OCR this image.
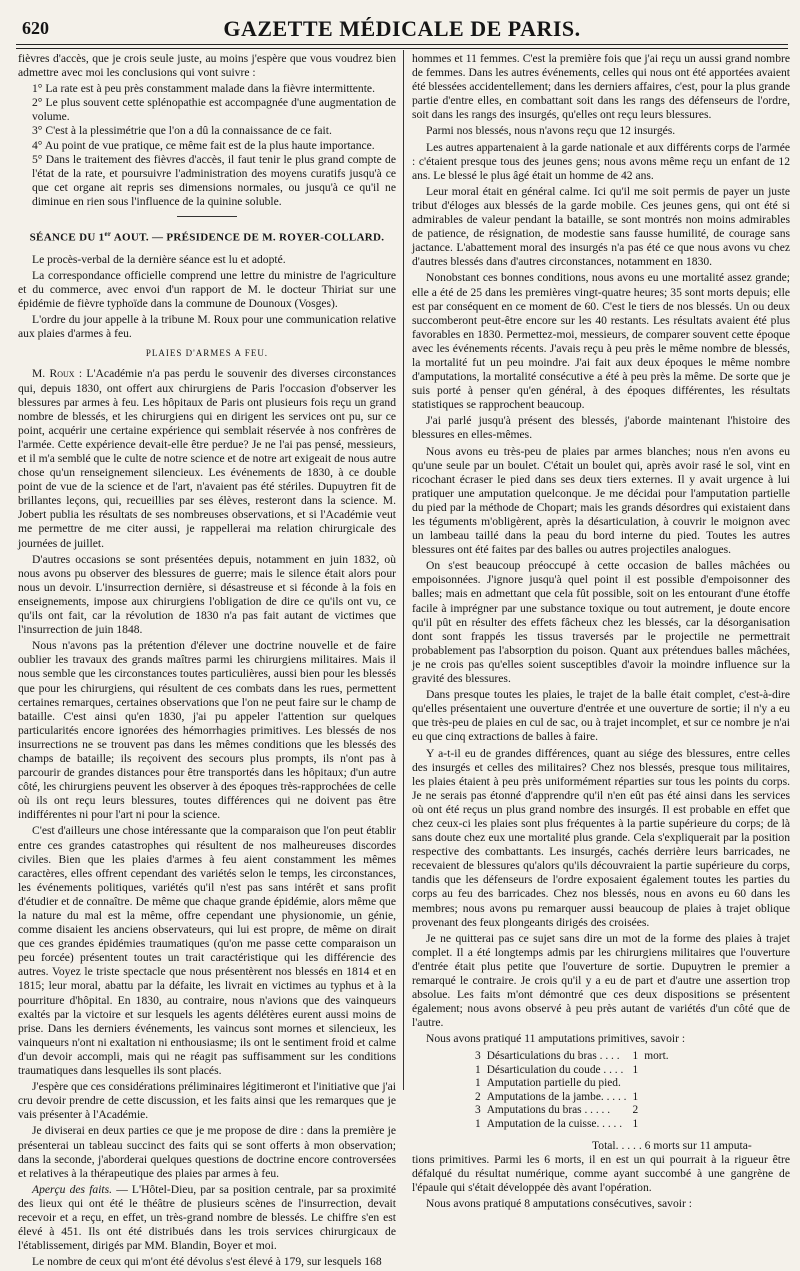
620	GAZETTE MÉDICALE DE PARIS.

fièvres d'accès, que je crois seule juste, au moins j'espère que vous voudrez bien admettre avec moi les conclusions qui vont suivre :

1° La rate est à peu près constamment malade dans la fièvre intermittente.

2° Le plus souvent cette splénopathie est accompagnée d'une augmentation de volume.

3° C'est à la plessimétrie que l'on a dû la connaissance de ce fait.

4° Au point de vue pratique, ce même fait est de la plus haute importance.

5° Dans le traitement des fièvres d'accès, il faut tenir le plus grand compte de l'état de la rate, et poursuivre l'administration des moyens curatifs jusqu'à ce que cet organe ait repris ses dimensions normales, ou jusqu'à ce qu'il ne diminue en rien sous l'influence de la quinine soluble.

SÉANCE DU 1er AOUT. — PRÉSIDENCE DE M. ROYER-COLLARD.

Le procès-verbal de la dernière séance est lu et adopté.

La correspondance officielle comprend une lettre du ministre de l'agriculture et du commerce, avec envoi d'un rapport de M. le docteur Thiriat sur une épidémie de fièvre typhoïde dans la commune de Dounoux (Vosges).

L'ordre du jour appelle à la tribune M. Roux pour une communication relative aux plaies d'armes à feu.

PLAIES D'ARMES A FEU.

M. Roux : L'Académie n'a pas perdu le souvenir des diverses circonstances qui, depuis 1830, ont offert aux chirurgiens de Paris l'occasion d'observer les blessures par armes à feu. Les hôpitaux de Paris ont plusieurs fois reçu un grand nombre de blessés, et les chirurgiens qui en dirigent les services ont pu, sur ce point, acquérir une certaine expérience qui semblait réservée à nos confrères de l'armée. Cette expérience devait-elle être perdue? Je ne l'ai pas pensé, messieurs, et il m'a semblé que le culte de notre science et de notre art exigeait de nous autre chose qu'un renseignement silencieux. Les événements de 1830, à ce double point de vue de la science et de l'art, n'avaient pas été stériles. Dupuytren fit de brillantes leçons, qui, recueillies par ses élèves, resteront dans la science. M. Jobert publia les résultats de ses nombreuses observations, et si l'Académie veut me permettre de me citer aussi, je rappellerai ma relation chirurgicale des journées de juillet.

D'autres occasions se sont présentées depuis, notamment en juin 1832, où nous avons pu observer des blessures de guerre; mais le silence était alors pour nous un devoir. L'insurrection dernière, si désastreuse et si féconde à la fois en enseignements, impose aux chirurgiens l'obligation de dire ce qu'ils ont vu, ce qu'ils ont fait, car la révolution de 1830 n'a pas fait autant de victimes que l'insurrection de juin 1848.

Nous n'avons pas la prétention d'élever une doctrine nouvelle et de faire oublier les travaux des grands maîtres parmi les chirurgiens militaires. Mais il nous semble que les circonstances toutes particulières, aussi bien pour les blessés que pour les chirurgiens, qui résultent de ces combats dans les rues, permettent certaines remarques, certaines observations que l'on ne peut faire sur le champ de bataille. C'est ainsi qu'en 1830, j'ai pu appeler l'attention sur quelques particularités encore ignorées des hémorrhagies primitives. Les blessés de nos insurrections ne se trouvent pas dans les mêmes conditions que les blessés des champs de bataille; ils reçoivent des secours plus prompts, ils n'ont pas à parcourir de grandes distances pour être transportés dans les hôpitaux; d'un autre côté, les chirurgiens peuvent les observer à des époques très-rapprochées de celle où ils ont reçu leurs blessures, toutes différences qui ne doivent pas être indifférentes ni pour l'art ni pour la science.

C'est d'ailleurs une chose intéressante que la comparaison que l'on peut établir entre ces grandes catastrophes qui résultent de nos malheureuses discordes civiles. Bien que les plaies d'armes à feu aient constamment les mêmes caractères, elles offrent cependant des variétés selon le temps, les circonstances, les événements politiques, variétés qu'il n'est pas sans intérêt et sans profit d'étudier et de connaître. De même que chaque grande épidémie, alors même que la nature du mal est la même, offre cependant une physionomie, un génie, comme disaient les anciens observateurs, qui lui est propre, de même on dirait que ces grandes épidémies traumatiques (qu'on me passe cette comparaison un peu forcée) présentent toutes un trait caractéristique qui les différencie des autres. Voyez le triste spectacle que nous présentèrent nos blessés en 1814 et en 1815; leur moral, abattu par la défaite, les livrait en victimes au typhus et à la pourriture d'hôpital. En 1830, au contraire, nous n'avions que des vainqueurs exaltés par la victoire et sur lesquels les agents délétères eurent aussi moins de prise. Dans les derniers événements, les vaincus sont mornes et silencieux, les vainqueurs n'ont ni exaltation ni enthousiasme; ils ont le sentiment froid et calme d'un devoir accompli, mais qui ne réagit pas suffisamment sur les conditions traumatiques dans lesquelles ils sont placés.

J'espère que ces considérations préliminaires légitimeront et l'initiative que j'ai cru devoir prendre de cette discussion, et les faits ainsi que les remarques que je vais présenter à l'Académie.

Je diviserai en deux parties ce que je me propose de dire : dans la première je présenterai un tableau succinct des faits qui se sont offerts à mon observation; dans la seconde, j'aborderai quelques questions de doctrine encore controversées et relatives à la thérapeutique des plaies par armes à feu.

Aperçu des faits. — L'Hôtel-Dieu, par sa position centrale, par sa proximité des lieux qui ont été le théâtre de plusieurs scènes de l'insurrection, devait recevoir et a reçu, en effet, un très-grand nombre de blessés. Le chiffre s'en est élevé à 451. Ils ont été distribués dans les trois services chirurgicaux de l'établissement, dirigés par MM. Blandin, Boyer et moi.

Le nombre de ceux qui m'ont été dévolus s'est élevé à 179, sur lesquels 168

hommes et 11 femmes. C'est la première fois que j'ai reçu un aussi grand nombre de femmes. Dans les autres événements, celles qui nous ont été apportées avaient été blessées accidentellement; dans les derniers affaires, c'est, pour la plus grande partie d'entre elles, en combattant soit dans les rangs des défenseurs de l'ordre, soit dans les rangs des insurgés, qu'elles ont reçu leurs blessures.

Parmi nos blessés, nous n'avons reçu que 12 insurgés.

Les autres appartenaient à la garde nationale et aux différents corps de l'armée : c'étaient presque tous des jeunes gens; nous avons même reçu un enfant de 12 ans. Le blessé le plus âgé était un homme de 42 ans.

Leur moral était en général calme. Ici qu'il me soit permis de payer un juste tribut d'éloges aux blessés de la garde mobile. Ces jeunes gens, qui ont été si admirables de valeur pendant la bataille, se sont montrés non moins admirables de patience, de résignation, de modestie sans fausse humilité, de courage sans jactance. L'abattement moral des insurgés n'a pas été ce que nous avons vu chez d'autres blessés dans d'autres circonstances, notamment en 1830.

Nonobstant ces bonnes conditions, nous avons eu une mortalité assez grande; elle a été de 25 dans les premières vingt-quatre heures; 35 sont morts depuis; elle est par conséquent en ce moment de 60. C'est le tiers de nos blessés. Un ou deux succomberont peut-être encore sur les 40 restants. Les résultats avaient été plus favorables en 1830. Permettez-moi, messieurs, de comparer souvent cette époque avec les événements récents. J'avais reçu à peu près le même nombre de blessés, la mortalité fut un peu moindre. J'ai fait aux deux époques le même nombre d'amputations, la mortalité consécutive a été à peu près la même. De sorte que je suis porté à penser qu'en général, à des époques différentes, les résultats statistiques se rapprochent beaucoup.

J'ai parlé jusqu'à présent des blessés, j'aborde maintenant l'histoire des blessures en elles-mêmes.

Nous avons eu très-peu de plaies par armes blanches; nous n'en avons eu qu'une seule par un boulet. C'était un boulet qui, après avoir rasé le sol, vint en ricochant écraser le pied dans ses deux tiers externes. Il y avait urgence à lui pratiquer une amputation quelconque. Je me décidai pour l'amputation partielle du pied par la méthode de Chopart; mais les grands désordres qui existaient dans les téguments m'obligèrent, après la désarticulation, à couvrir le moignon avec un lambeau taillé dans la peau du bord interne du pied. Toutes les autres blessures ont été faites par des balles ou autres projectiles analogues.

On s'est beaucoup préoccupé à cette occasion de balles mâchées ou empoisonnées. J'ignore jusqu'à quel point il est possible d'empoisonner des balles; mais en admettant que cela fût possible, soit on les entourant d'une étoffe facile à imprégner par une substance toxique ou tout autrement, je doute encore qu'il pût en résulter des effets fâcheux chez les blessés, car la désorganisation dont sont frappés les tissus traversés par le projectile ne permettrait probablement pas l'absorption du poison. Quant aux prétendues balles mâchées, je ne crois pas qu'elles soient susceptibles d'avoir la moindre influence sur la gravité des blessures.

Dans presque toutes les plaies, le trajet de la balle était complet, c'est-à-dire qu'elles présentaient une ouverture d'entrée et une ouverture de sortie; il n'y a eu que très-peu de plaies en cul de sac, ou à trajet incomplet, et sur ce nombre je n'ai eu que cinq extractions de balles à faire.

Y a-t-il eu de grandes différences, quant au siége des blessures, entre celles des insurgés et celles des militaires? Chez nos blessés, presque tous militaires, les plaies étaient à peu près uniformément réparties sur tous les points du corps. Je ne serais pas étonné d'apprendre qu'il n'en eût pas été ainsi dans les services où ont été reçus un plus grand nombre des insurgés. Il est probable en effet que chez ceux-ci les plaies sont plus fréquentes à la partie supérieure du corps; de là sans doute chez eux une mortalité plus grande. Cela s'expliquerait par la position respective des combattants. Les insurgés, cachés derrière leurs barricades, ne recevaient de blessures qu'alors qu'ils découvraient la partie supérieure du corps, tandis que les défenseurs de l'ordre exposaient également toutes les parties du corps au feu des barricades. Chez nos blessés, nous en avons eu 60 dans les membres; nous avons pu remarquer aussi beaucoup de plaies à trajet oblique provenant des feux plongeants dirigés des croisées.

Je ne quitterai pas ce sujet sans dire un mot de la forme des plaies à trajet complet. Il a été longtemps admis par les chirurgiens militaires que l'ouverture d'entrée était plus petite que l'ouverture de sortie. Dupuytren le premier a remarqué le contraire. Je crois qu'il y a eu de part et d'autre une assertion trop absolue. Les faits m'ont démontré que ces deux dispositions se présentent également; nous avons observé à peu près autant de variétés d'un côté que de l'autre.

Nous avons pratiqué 11 amputations primitives, savoir :

3	Désarticulations du bras . . . .	1	mort.
1	Désarticulation du coude . . . .	1	
1	Amputation partielle du pied.		
2	Amputations de la jambe. . . . .	1	
3	Amputations du bras . . . . .	2	
1	Amputation de la cuisse. . . . .	1	

Total. . . . . 6 morts sur 11 amputa-

tions primitives. Parmi les 6 morts, il en est un qui pourrait à la rigueur être défalqué du résultat numérique, comme ayant succombé à une gangrène de l'épaule qui s'était développée dès avant l'opération.

Nous avons pratiqué 8 amputations consécutives, savoir :
